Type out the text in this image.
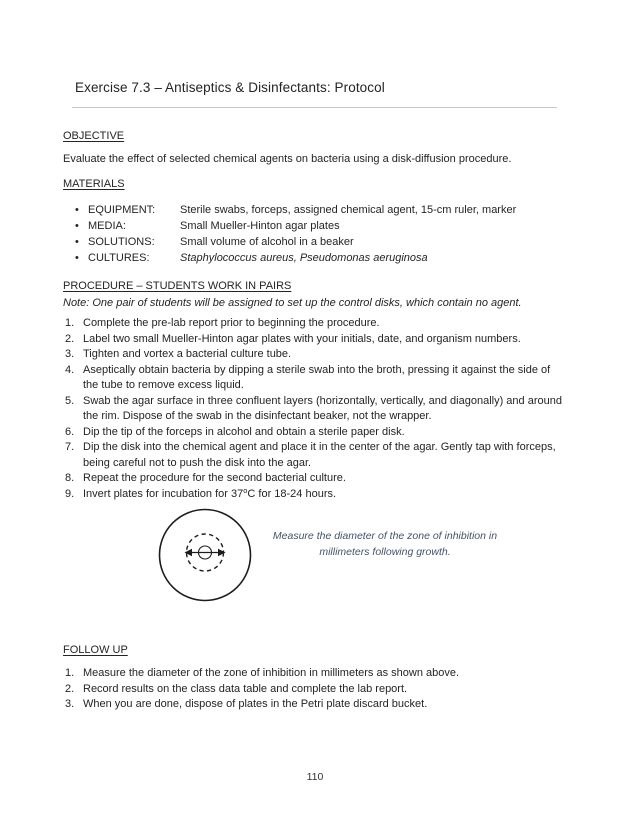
Exercise 7.3 – Antiseptics & Disinfectants: Protocol
OBJECTIVE

Evaluate the effect of selected chemical agents on bacteria using a disk-diffusion procedure.

MATERIALS
• EQUIPMENT:	Sterile swabs, forceps, assigned chemical agent, 15-cm ruler, marker
• MEDIA:	Small Mueller-Hinton agar plates
• SOLUTIONS:	Small volume of alcohol in a beaker
• CULTURES:	Staphylococcus aureus, Pseudomonas aeruginosa
PROCEDURE – STUDENTS WORK IN PAIRS

Note: One pair of students will be assigned to set up the control disks, which contain no agent.

1. Complete the pre-lab report prior to beginning the procedure.
2. Label two small Mueller-Hinton agar plates with your initials, date, and organism numbers.
3. Tighten and vortex a bacterial culture tube.
4. Aseptically obtain bacteria by dipping a sterile swab into the broth, pressing it against the side of the tube to remove excess liquid.
5. Swab the agar surface in three confluent layers (horizontally, vertically, and diagonally) and around the rim. Dispose of the swab in the disinfectant beaker, not the wrapper.
6. Dip the tip of the forceps in alcohol and obtain a sterile paper disk.
7. Dip the disk into the chemical agent and place it in the center of the agar. Gently tap with forceps, being careful not to push the disk into the agar.
8. Repeat the procedure for the second bacterial culture.
9. Invert plates for incubation for 37$^o$C for 18-24 hours.
Measure the diameter of the zone of inhibition in millimeters following growth.
FOLLOW UP
1. Measure the diameter of the zone of inhibition in millimeters as shown above.
2. Record results on the class data table and complete the lab report.
3. When you are done, dispose of plates in the Petri plate discard bucket.
110
